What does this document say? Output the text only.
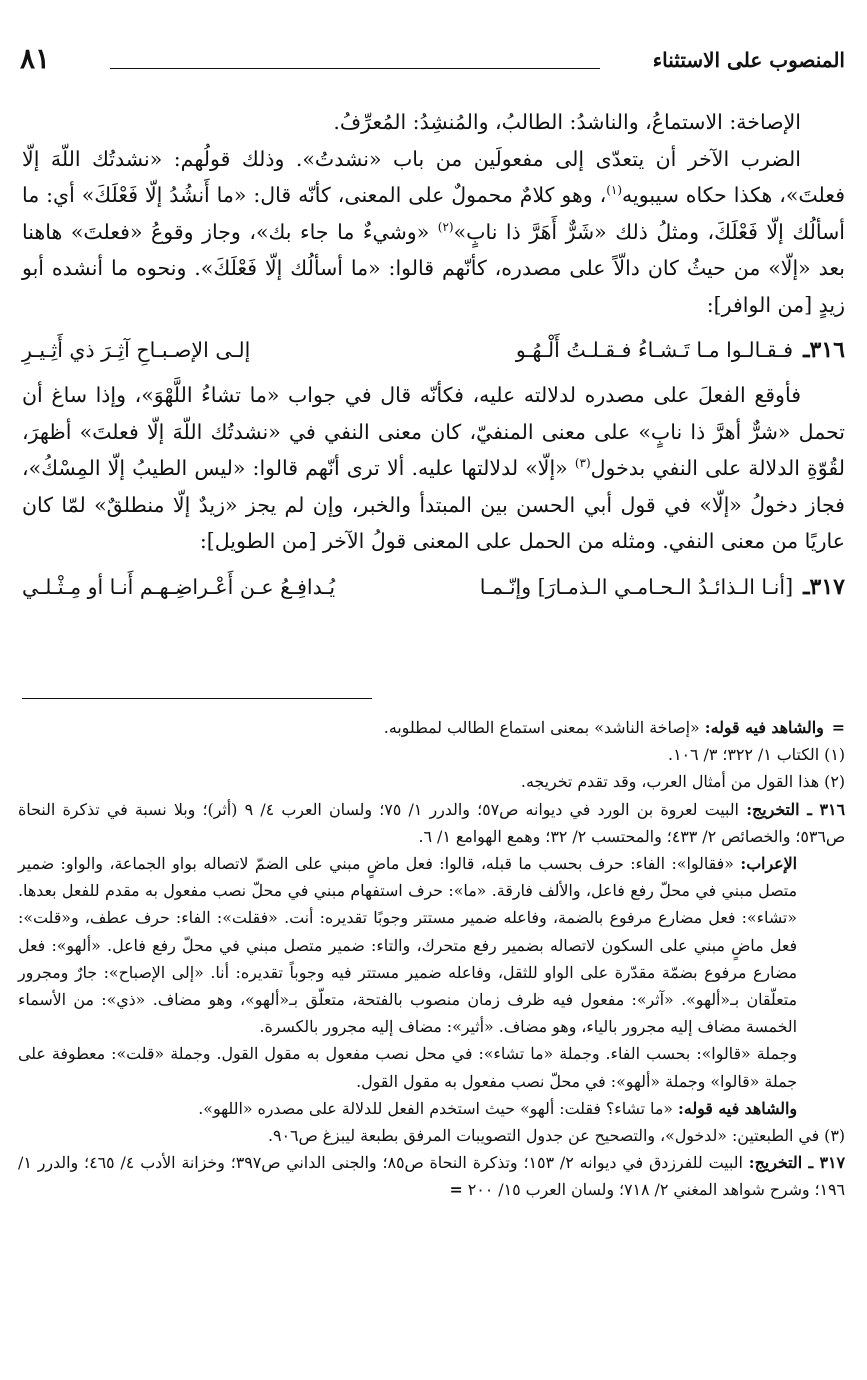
المنصوب على الاستثناء
٨١

الإصاخة: الاستماعُ، والناشدُ: الطالبُ، والمُنشِدُ: المُعرِّفُ.

الضرب الآخر أن يتعدّى إلى مفعولَين من باب «نشدتُ». وذلك قولُهم: «نشدتُك اللّهَ إلّا فعلتَ»، هكذا حكاه سيبويه$^{(١)}$، وهو كلامٌ محمولٌ على المعنى، كأنّه قال: «ما أَنشُدُ إلّا فَعْلَكَ» أي: ما أسألُك إلّا فَعْلَكَ، ومثلُ ذلك «شَرٌّ أَهَرَّ ذا نابٍ»$^{(٢)}$ «وشيءٌ ما جاء بك»، وجاز وقوعُ «فعلتَ» هاهنا بعد «إلّا» من حيثُ كان دالّاً على مصدره، كأنّهم قالوا: «ما أسألُك إلّا فَعْلَكَ». ونحوه ما أنشده أبو زيدٍ [من الوافر]:

٣١٦ـ
فـقـالـوا مـا تَـشـاءُ فـقـلـتُ أَلْـهُـو
إلـى الإصـبـاحِ آثِـرَ ذي أَثِـيـرِ

فأوقع الفعلَ على مصدره لدلالته عليه، فكأنّه قال في جواب «ما تشاءُ اللَّهْوَ»، وإذا ساغ أن تحمل «شرٌّ أهرَّ ذا نابٍ» على معنى المنفيّ، كان معنى النفي في «نشدتُك اللّهَ إلّا فعلتَ» أظهرَ، لقُوّةِ الدلالة على النفي بدخول$^{(٣)}$ «إلّا» لدلالتها عليه. ألا ترى أنّهم قالوا: «ليس الطيبُ إلّا المِسْكُ»، فجاز دخولُ «إلّا» في قول أبي الحسن بين المبتدأ والخبر، وإن لم يجز «زيدٌ إلّا منطلقٌ» لمّا كان عاريًا من معنى النفي. ومثله من الحمل على المعنى قولُ الآخر [من الطويل]:

٣١٧ـ
[أنـا الـذائـدُ الـحـامـي الـذمـارَ] وإنّـمـا
يُـدافِـعُ عـن أَعْـراضِـهـم أَنـا أو مِـثْـلـي

=والشاهد فيه قوله: «إصاخة الناشد» بمعنى استماع الطالب لمطلوبه.

(١) الكتاب ١/ ٣٢٢؛ ٣/ ١٠٦.

(٢) هذا القول من أمثال العرب، وقد تقدم تخريجه.

٣١٦ ـ التخريج: البيت لعروة بن الورد في ديوانه ص٥٧؛ والدرر ١/ ٧٥؛ ولسان العرب ٤/ ٩ (أثر)؛ وبلا نسبة في تذكرة النحاة ص٥٣٦؛ والخصائص ٢/ ٤٣٣؛ والمحتسب ٢/ ٣٢؛ وهمع الهوامع ١/ ٦.

الإعراب: «فقالوا»: الفاء: حرف بحسب ما قبله، قالوا: فعل ماضٍ مبني على الضمّ لاتصاله بواو الجماعة، والواو: ضمير متصل مبني في محلّ رفع فاعل، والألف فارقة. «ما»: حرف استفهام مبني في محلّ نصب مفعول به مقدم للفعل بعدها. «تشاء»: فعل مضارع مرفوع بالضمة، وفاعله ضمير مستتر وجوبًا تقديره: أنت. «فقلت»: الفاء: حرف عطف، و«قلت»: فعل ماضٍ مبني على السكون لاتصاله بضمير رفع متحرك، والتاء: ضمير متصل مبني في محلّ رفع فاعل. «ألهو»: فعل مضارع مرفوع بضمّة مقدّرة على الواو للثقل، وفاعله ضمير مستتر فيه وجوباً تقديره: أنا. «إلى الإصباح»: جارٌ ومجرور متعلّقان بـ«ألهو». «آثر»: مفعول فيه ظرف زمان منصوب بالفتحة، متعلّق بـ«ألهو»، وهو مضاف. «ذي»: من الأسماء الخمسة مضاف إليه مجرور بالياء، وهو مضاف. «أثير»: مضاف إليه مجرور بالكسرة.

وجملة «قالوا»: بحسب الفاء. وجملة «ما تشاء»: في محل نصب مفعول به مقول القول. وجملة «قلت»: معطوفة على جملة «قالوا» وجملة «ألهو»: في محلّ نصب مفعول به مقول القول.

والشاهد فيه قوله: «ما تشاء؟ فقلت: ألهو» حيث استخدم الفعل للدلالة على مصدره «اللهو».

(٣) في الطبعتين: «لدخول»، والتصحيح عن جدول التصويبات المرفق بطبعة ليبزغ ص٩٠٦.

٣١٧ ـ التخريج: البيت للفرزدق في ديوانه ٢/ ١٥٣؛ وتذكرة النحاة ص٨٥؛ والجنى الداني ص٣٩٧؛ وخزانة الأدب ٤/ ٤٦٥؛ والدرر ١/ ١٩٦؛ وشرح شواهد المغني ٢/ ٧١٨؛ ولسان العرب ١٥/ ٢٠٠ =
